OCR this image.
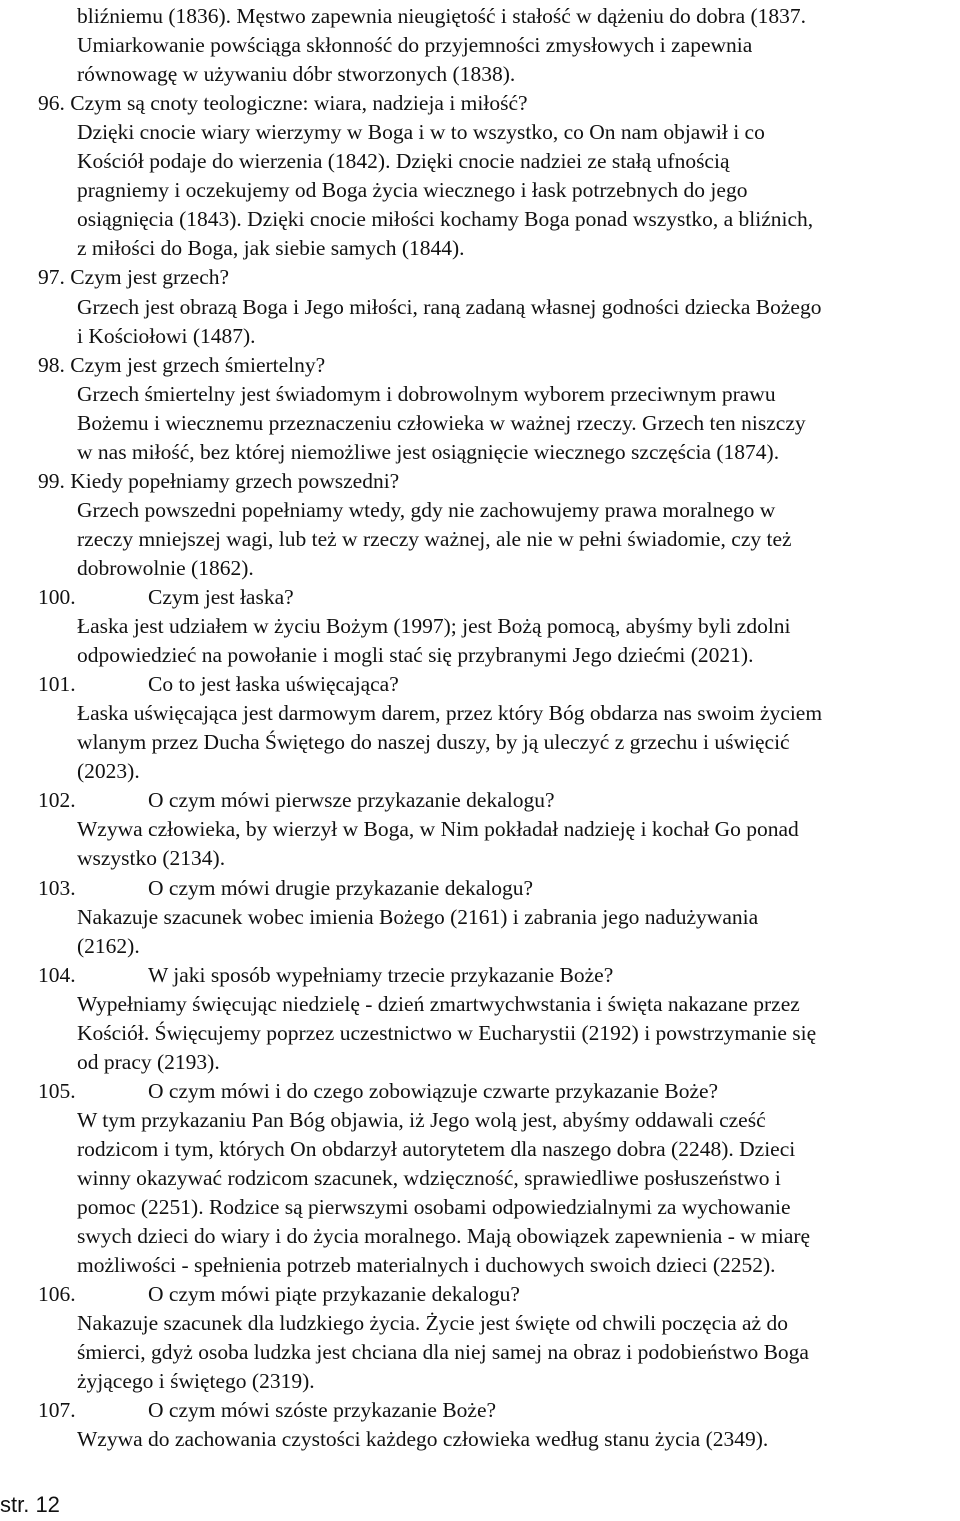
bliźniemu (1836). Męstwo zapewnia nieugiętość i stałość w dążeniu do dobra (1837.
Umiarkowanie powściąga skłonność do przyjemności zmysłowych i zapewnia
równowagę w używaniu dóbr stworzonych (1838).
96. Czym są cnoty teologiczne: wiara, nadzieja i miłość?
Dzięki cnocie wiary wierzymy w Boga i w to wszystko, co On nam objawił i co
Kościół podaje do wierzenia (1842). Dzięki cnocie nadziei ze stałą ufnością
pragniemy i oczekujemy od Boga życia wiecznego i łask potrzebnych do jego
osiągnięcia (1843). Dzięki cnocie miłości kochamy Boga ponad wszystko, a bliźnich,
z miłości do Boga, jak siebie samych (1844).
97. Czym jest grzech?
Grzech jest obrazą Boga i Jego miłości, raną zadaną własnej godności dziecka Bożego
i Kościołowi (1487).
98. Czym jest grzech śmiertelny?
Grzech śmiertelny jest świadomym i dobrowolnym wyborem przeciwnym prawu
Bożemu i wiecznemu przeznaczeniu człowieka w ważnej rzeczy. Grzech ten niszczy
w nas miłość, bez której niemożliwe jest osiągnięcie wiecznego szczęścia (1874).
99. Kiedy popełniamy grzech powszedni?
Grzech powszedni popełniamy wtedy, gdy nie zachowujemy prawa moralnego w
rzeczy mniejszej wagi, lub też w rzeczy ważnej, ale nie w pełni świadomie, czy też
dobrowolnie (1862).
100.	Czym jest łaska?
Łaska jest udziałem w życiu Bożym (1997); jest Bożą pomocą, abyśmy byli zdolni
odpowiedzieć na powołanie i mogli stać się przybranymi Jego dziećmi (2021).
101.	Co to jest łaska uświęcająca?
Łaska uświęcająca jest darmowym darem, przez który Bóg obdarza nas swoim życiem
wlanym przez Ducha Świętego do naszej duszy, by ją uleczyć z grzechu i uświęcić
(2023).
102.	O czym mówi pierwsze przykazanie dekalogu?
Wzywa człowieka, by wierzył w Boga, w Nim pokładał nadzieję i kochał Go ponad
wszystko (2134).
103.	O czym mówi drugie przykazanie dekalogu?
Nakazuje szacunek wobec imienia Bożego (2161) i zabrania jego nadużywania
(2162).
104.	W jaki sposób wypełniamy trzecie przykazanie Boże?
Wypełniamy święcując niedzielę - dzień zmartwychwstania i święta nakazane przez
Kościół. Święcujemy poprzez uczestnictwo w Eucharystii (2192) i powstrzymanie się
od pracy (2193).
105.	O czym mówi i do czego zobowiązuje czwarte przykazanie Boże?
W tym przykazaniu Pan Bóg objawia, iż Jego wolą jest, abyśmy oddawali cześć
rodzicom i tym, których On obdarzył autorytetem dla naszego dobra (2248). Dzieci
winny okazywać rodzicom szacunek, wdzięczność, sprawiedliwe posłuszeństwo i
pomoc (2251). Rodzice są pierwszymi osobami odpowiedzialnymi za wychowanie
swych dzieci do wiary i do życia moralnego. Mają obowiązek zapewnienia - w miarę
możliwości - spełnienia potrzeb materialnych i duchowych swoich dzieci (2252).
106.	O czym mówi piąte przykazanie dekalogu?
Nakazuje szacunek dla ludzkiego życia. Życie jest święte od chwili poczęcia aż do
śmierci, gdyż osoba ludzka jest chciana dla niej samej na obraz i podobieństwo Boga
żyjącego i świętego (2319).
107.	O czym mówi szóste przykazanie Boże?
Wzywa do zachowania czystości każdego człowieka według stanu życia (2349).
str. 12
